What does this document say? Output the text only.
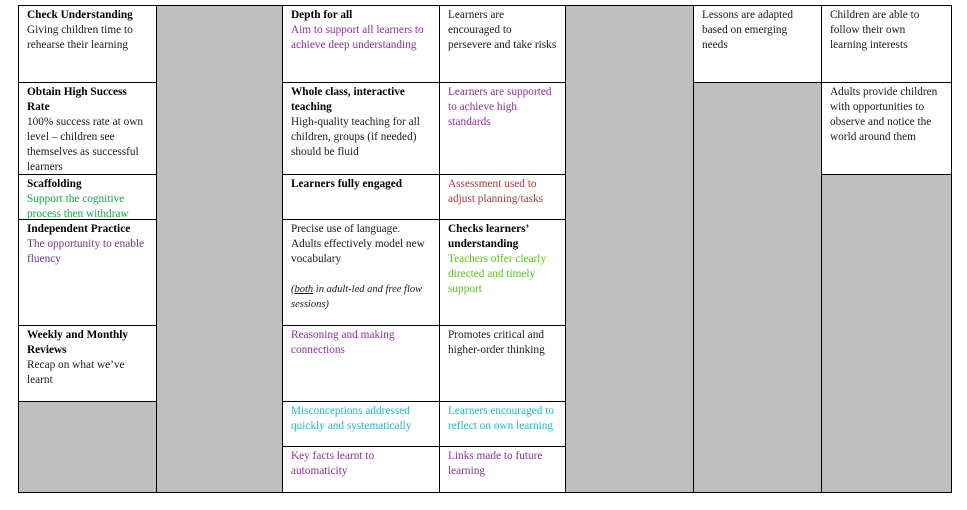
Check Understanding
Giving children time to rehearse their learning
Obtain High Success Rate
100% success rate at own level – children see themselves as successful learners
Scaffolding
Support the cognitive process then withdraw
Independent Practice
The opportunity to enable fluency
Weekly and Monthly Reviews
Recap on what we’ve learnt
Depth for all
Aim to support all learners to achieve deep understanding
Whole class, interactive teaching
High-quality teaching for all children, groups (if needed) should be fluid
Learners fully engaged
Precise use of language. Adults effectively model new vocabulary
(both in adult-led and free flow sessions)
Reasoning and making connections
Misconceptions addressed quickly and systematically
Key facts learnt to automaticity
Learners are encouraged to persevere and take risks
Learners are supported to achieve high standards
Assessment used to adjust planning/tasks
Checks learners’ understanding
Teachers offer clearly directed and timely support
Promotes critical and higher-order thinking
Learners encouraged to reflect on own learning
Links made to future learning
Lessons are adapted based on emerging needs
Children are able to follow their own learning interests
Adults provide children with opportunities to observe and notice the world around them
